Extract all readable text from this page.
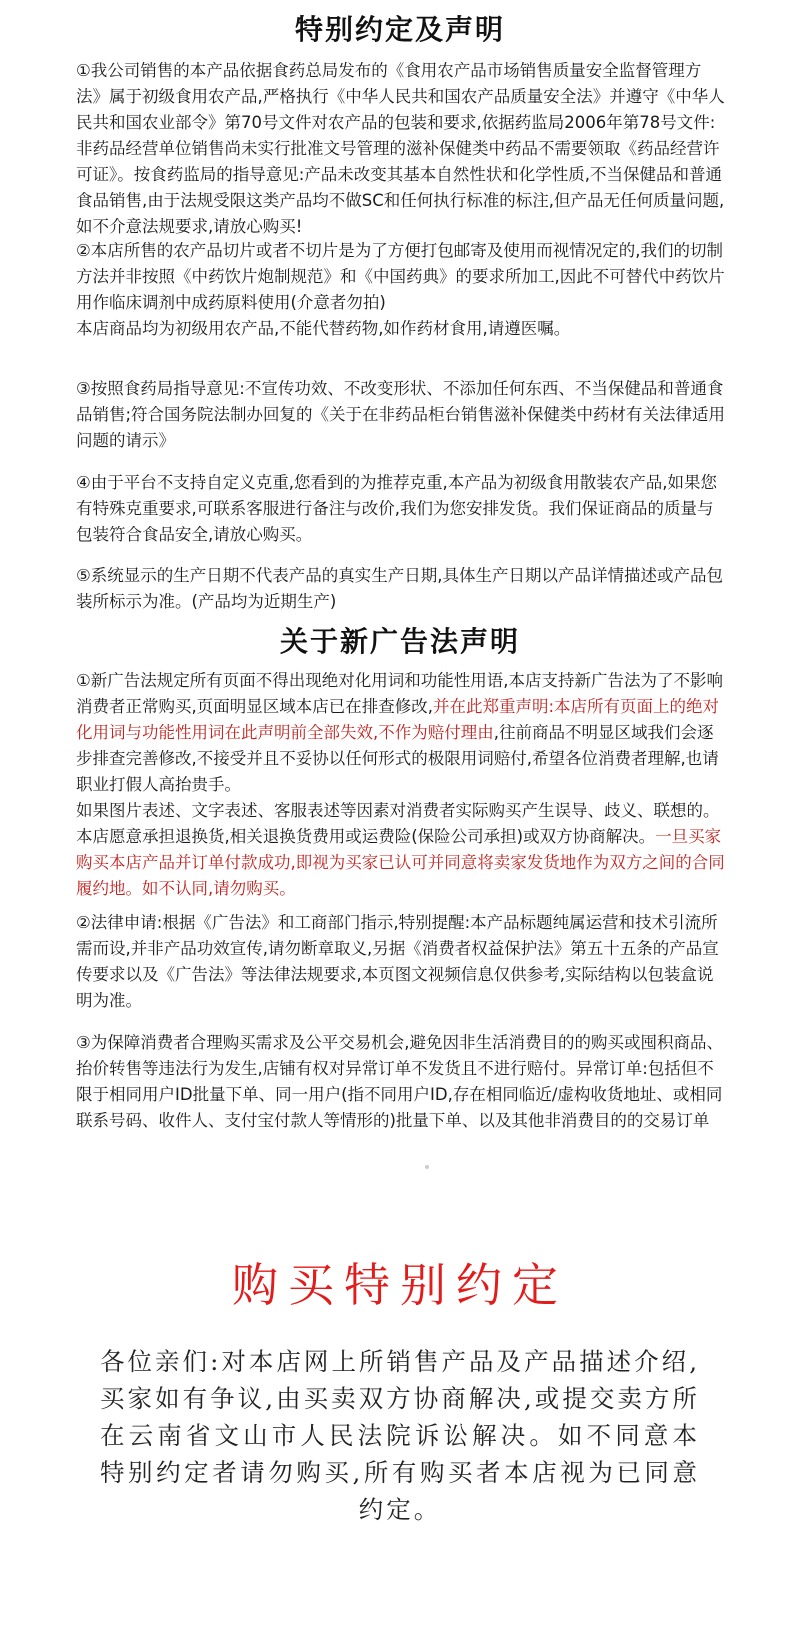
特别约定及声明

①我公司销售的本产品依据食药总局发布的《食用农产品市场销售质量安全监督管理方法》属于初级食用农产品,严格执行《中华人民共和国农产品质量安全法》并遵守《中华人民共和国农业部令》第70号文件对农产品的包装和要求,依据药监局2006年第78号文件:非药品经营单位销售尚未实行批准文号管理的滋补保健类中药品不需要领取《药品经营许可证》。按食药监局的指导意见:产品未改变其基本自然性状和化学性质,不当保健品和普通食品销售,由于法规受限这类产品均不做SC和任何执行标准的标注,但产品无任何质量问题,如不介意法规要求,请放心购买!

②本店所售的农产品切片或者不切片是为了方便打包邮寄及使用而视情况定的,我们的切制方法并非按照《中药饮片炮制规范》和《中国药典》的要求所加工,因此不可替代中药饮片用作临床调剂中成药原料使用(介意者勿拍)

本店商品均为初级用农产品,不能代替药物,如作药材食用,请遵医嘱。

③按照食药局指导意见:不宣传功效、不改变形状、不添加任何东西、不当保健品和普通食品销售;符合国务院法制办回复的《关于在非药品柜台销售滋补保健类中药材有关法律适用问题的请示》

④由于平台不支持自定义克重,您看到的为推荐克重,本产品为初级食用散装农产品,如果您有特殊克重要求,可联系客服进行备注与改价,我们为您安排发货。我们保证商品的质量与包装符合食品安全,请放心购买。

⑤系统显示的生产日期不代表产品的真实生产日期,具体生产日期以产品详情描述或产品包装所标示为准。(产品均为近期生产)

关于新广告法声明

①新广告法规定所有页面不得出现绝对化用词和功能性用语,本店支持新广告法为了不影响消费者正常购买,页面明显区域本店已在排查修改,并在此郑重声明:本店所有页面上的绝对化用词与功能性用词在此声明前全部失效,不作为赔付理由,往前商品不明显区域我们会逐步排查完善修改,不接受并且不妥协以任何形式的极限用词赔付,希望各位消费者理解,也请职业打假人高抬贵手。

如果图片表述、文字表述、客服表述等因素对消费者实际购买产生误导、歧义、联想的。本店愿意承担退换货,相关退换货费用或运费险(保险公司承担)或双方协商解决。一旦买家购买本店产品并订单付款成功,即视为买家已认可并同意将卖家发货地作为双方之间的合同履约地。如不认同,请勿购买。

②法律申请:根据《广告法》和工商部门指示,特别提醒:本产品标题纯属运营和技术引流所需而设,并非产品功效宣传,请勿断章取义,另据《消费者权益保护法》第五十五条的产品宣传要求以及《广告法》等法律法规要求,本页图文视频信息仅供参考,实际结构以包装盒说明为准。

③为保障消费者合理购买需求及公平交易机会,避免因非生活消费目的的购买或囤积商品、抬价转售等违法行为发生,店铺有权对异常订单不发货且不进行赔付。异常订单:包括但不限于相同用户ID批量下单、同一用户(指不同用户ID,存在相同临近/虚构收货地址、或相同联系号码、收件人、支付宝付款人等情形的)批量下单、以及其他非消费目的的交易订单

购买特别约定

各位亲们:对本店网上所销售产品及产品描述介绍,买家如有争议,由买卖双方协商解决,或提交卖方所在云南省文山市人民法院诉讼解决。如不同意本特别约定者请勿购买,所有购买者本店视为已同意约定。
